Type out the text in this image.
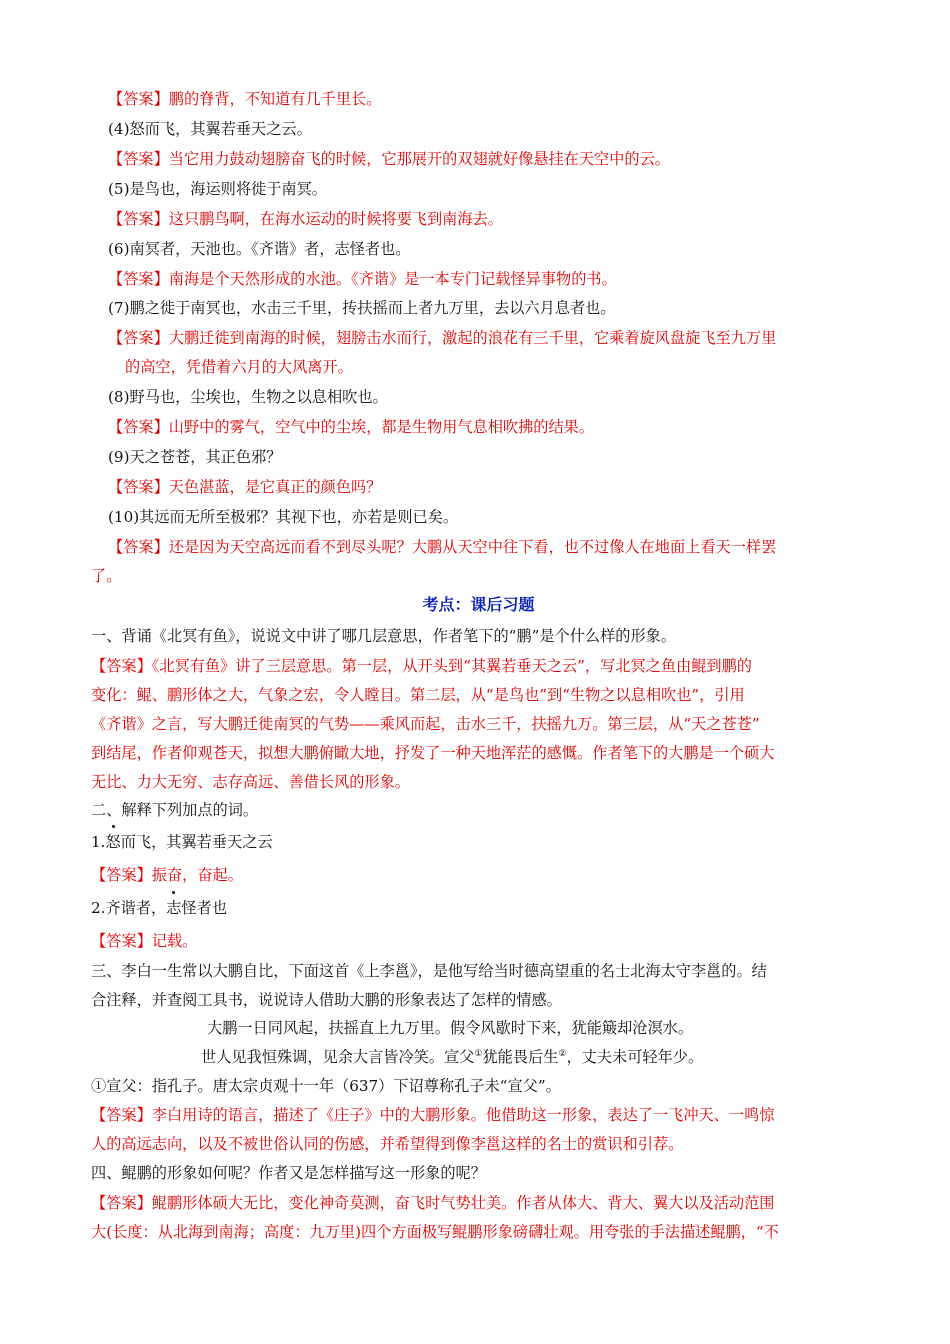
【答案】鹏的脊背，不知道有几千里长。
(4)怒而飞，其翼若垂天之云。
【答案】当它用力鼓动翅膀奋飞的时候，它那展开的双翅就好像悬挂在天空中的云。
(5)是鸟也，海运则将徙于南冥。
【答案】这只鹏鸟啊，在海水运动的时候将要飞到南海去。
(6)南冥者，天池也。《齐谐》者，志怪者也。
【答案】南海是个天然形成的水池。《齐谐》是一本专门记载怪异事物的书。
(7)鹏之徙于南冥也，水击三千里，抟扶摇而上者九万里，去以六月息者也。
【答案】大鹏迁徙到南海的时候，翅膀击水而行，激起的浪花有三千里，它乘着旋风盘旋飞至九万里
的高空，凭借着六月的大风离开。
(8)野马也，尘埃也，生物之以息相吹也。
【答案】山野中的雾气，空气中的尘埃，都是生物用气息相吹拂的结果。
(9)天之苍苍，其正色邪？
【答案】天色湛蓝，是它真正的颜色吗？
(10)其远而无所至极邪？其视下也，亦若是则已矣。
【答案】还是因为天空高远而看不到尽头呢？大鹏从天空中往下看，也不过像人在地面上看天一样罢
了。
考点：课后习题
一、背诵《北冥有鱼》，说说文中讲了哪几层意思，作者笔下的“鹏”是个什么样的形象。
【答案】《北冥有鱼》讲了三层意思。第一层，从开头到“其翼若垂天之云”，写北冥之鱼由鲲到鹏的
变化：鲲、鹏形体之大，气象之宏，令人瞠目。第二层，从“是鸟也”到“生物之以息相吹也”，引用
《齐谐》之言，写大鹏迁徙南冥的气势——乘风而起，击水三千，扶摇九万。第三层，从“天之苍苍”
到结尾，作者仰观苍天，拟想大鹏俯瞰大地，抒发了一种天地浑茫的感慨。作者笔下的大鹏是一个硕大
无比、力大无穷、志存高远、善借长风的形象。
二、解释下列加点的词。
1.怒而飞，其翼若垂天之云
【答案】振奋，奋起。
2.齐谐者，志怪者也
【答案】记载。
三、李白一生常以大鹏自比，下面这首《上李邕》，是他写给当时德高望重的名士北海太守李邕的。结
合注释，并查阅工具书，说说诗人借助大鹏的形象表达了怎样的情感。
大鹏一日同风起，扶摇直上九万里。假令风歇时下来，犹能簸却沧溟水。
世人见我恒殊调，见余大言皆冷笑。宣父①犹能畏后生②，丈夫未可轻年少。
①宣父：指孔子。唐太宗贞观十一年（637）下诏尊称孔子未“宣父”。
【答案】李白用诗的语言，描述了《庄子》中的大鹏形象。他借助这一形象，表达了一飞冲天、一鸣惊
人的高远志向，以及不被世俗认同的伤感，并希望得到像李邕这样的名士的赏识和引荐。
四、鲲鹏的形象如何呢？作者又是怎样描写这一形象的呢？
【答案】鲲鹏形体硕大无比，变化神奇莫测，奋飞时气势壮美。作者从体大、背大、翼大以及活动范围
大(长度：从北海到南海；高度：九万里)四个方面极写鲲鹏形象磅礴壮观。用夸张的手法描述鲲鹏，“不
